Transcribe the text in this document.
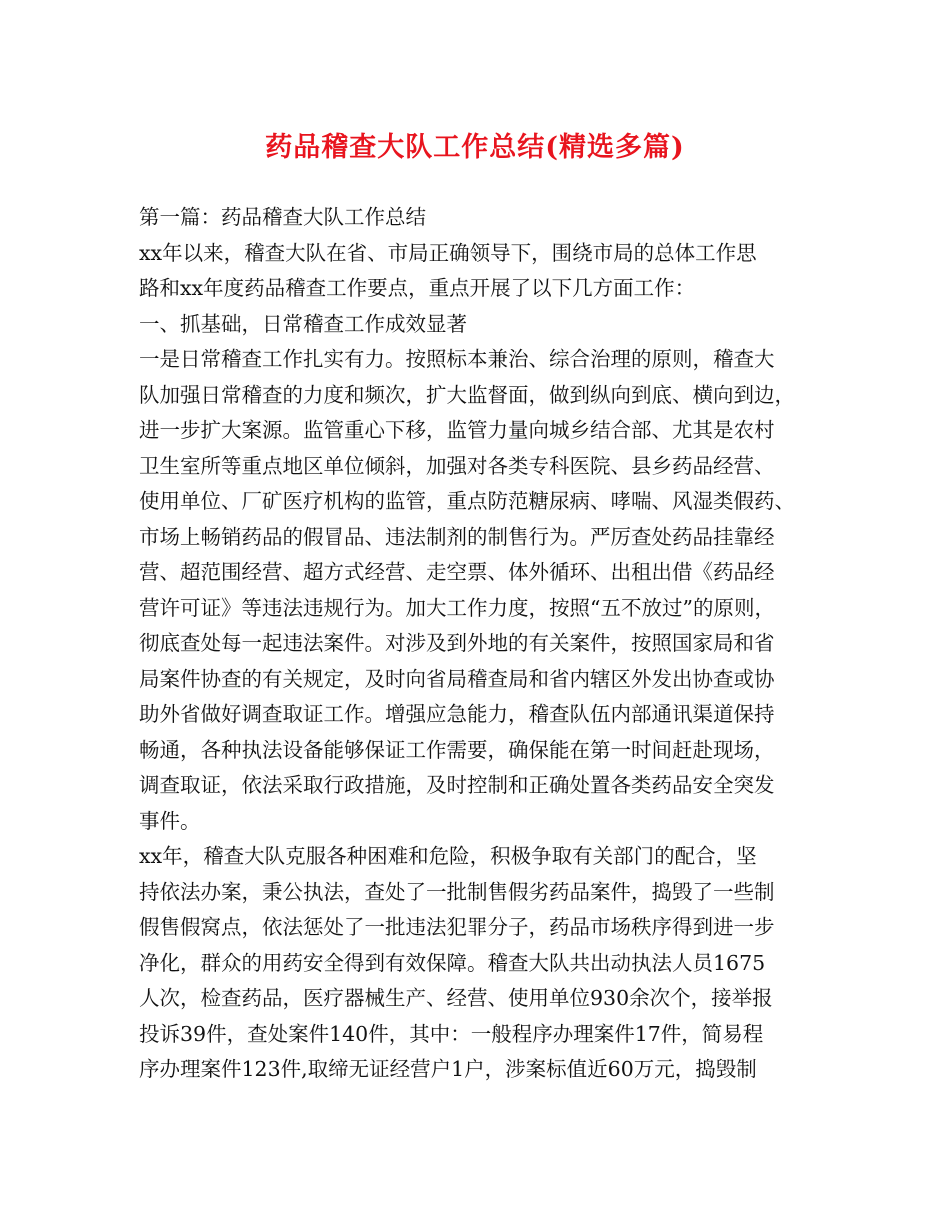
药品稽查大队工作总结(精选多篇)
第一篇：药品稽查大队工作总结
xx年以来，稽查大队在省、市局正确领导下，围绕市局的总体工作思
路和xx年度药品稽查工作要点，重点开展了以下几方面工作：
一、抓基础，日常稽查工作成效显著
一是日常稽查工作扎实有力。按照标本兼治、综合治理的原则，稽查大
队加强日常稽查的力度和频次，扩大监督面，做到纵向到底、横向到边，
进一步扩大案源。监管重心下移，监管力量向城乡结合部、尤其是农村
卫生室所等重点地区单位倾斜，加强对各类专科医院、县乡药品经营、
使用单位、厂矿医疗机构的监管，重点防范糖尿病、哮喘、风湿类假药、
市场上畅销药品的假冒品、违法制剂的制售行为。严厉查处药品挂靠经
营、超范围经营、超方式经营、走空票、体外循环、出租出借《药品经
营许可证》等违法违规行为。加大工作力度，按照“五不放过”的原则，
彻底查处每一起违法案件。对涉及到外地的有关案件，按照国家局和省
局案件协查的有关规定，及时向省局稽查局和省内辖区外发出协查或协
助外省做好调查取证工作。增强应急能力，稽查队伍内部通讯渠道保持
畅通，各种执法设备能够保证工作需要，确保能在第一时间赶赴现场，
调查取证，依法采取行政措施，及时控制和正确处置各类药品安全突发
事件。
xx年，稽查大队克服各种困难和危险，积极争取有关部门的配合，坚
持依法办案，秉公执法，查处了一批制售假劣药品案件，捣毁了一些制
假售假窝点，依法惩处了一批违法犯罪分子，药品市场秩序得到进一步
净化，群众的用药安全得到有效保障。稽查大队共出动执法人员1675
人次，检查药品，医疗器械生产、经营、使用单位930余次个，接举报
投诉39件，查处案件140件，其中：一般程序办理案件17件，简易程
序办理案件123件,取缔无证经营户1户，涉案标值近60万元，捣毁制
